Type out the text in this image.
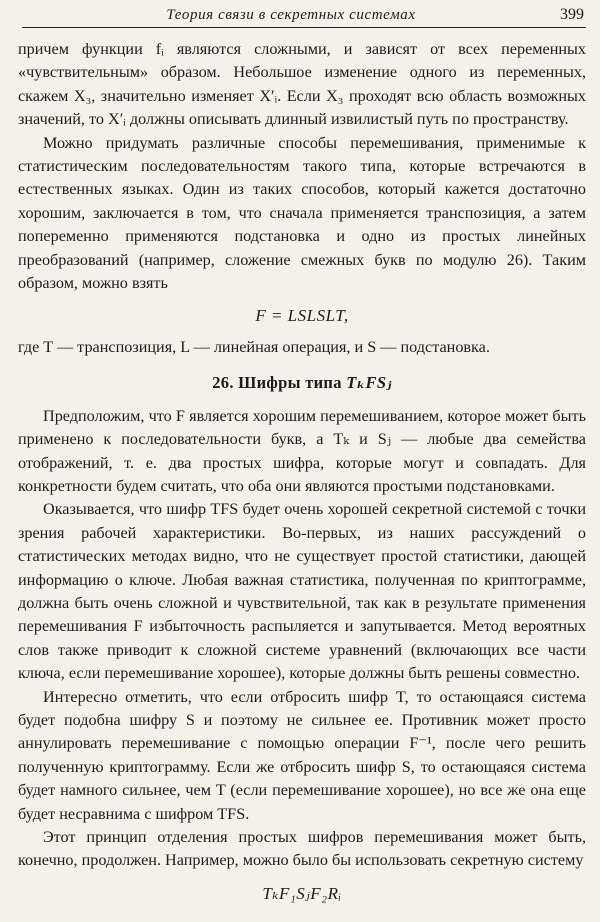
Теория связи в секретных системах	399

причем функции fᵢ являются сложными, и зависят от всех переменных «чувствительным» образом. Небольшое изменение одного из переменных, скажем X₃, значительно изменяет X′ᵢ. Если X₃ проходят всю область возможных значений, то X′ᵢ должны описывать длинный извилистый путь по пространству.

Можно придумать различные способы перемешивания, применимые к статистическим последовательностям такого типа, которые встречаются в естественных языках. Один из таких способов, который кажется достаточно хорошим, заключается в том, что сначала применяется транспозиция, а затем попеременно применяются подстановка и одно из простых линейных преобразований (например, сложение смежных букв по модулю 26). Таким образом, можно взять

F = LSLSLT,

где T — транспозиция, L — линейная операция, и S — подстановка.

26. Шифры типа TₖFSⱼ

Предположим, что F является хорошим перемешиванием, которое может быть применено к последовательности букв, а Tₖ и Sⱼ — любые два семейства отображений, т. е. два простых шифра, которые могут и совпадать. Для конкретности будем считать, что оба они являются простыми подстановками.

Оказывается, что шифр TFS будет очень хорошей секретной системой с точки зрения рабочей характеристики. Во-первых, из наших рассуждений о статистических методах видно, что не существует простой статистики, дающей информацию о ключе. Любая важная статистика, полученная по криптограмме, должна быть очень сложной и чувствительной, так как в результате применения перемешивания F избыточность распыляется и запутывается. Метод вероятных слов также приводит к сложной системе уравнений (включающих все части ключа, если перемешивание хорошее), которые должны быть решены совместно.

Интересно отметить, что если отбросить шифр T, то остающаяся система будет подобна шифру S и поэтому не сильнее ее. Противник может просто аннулировать перемешивание с помощью операции F⁻¹, после чего решить полученную криптограмму. Если же отбросить шифр S, то остающаяся система будет намного сильнее, чем T (если перемешивание хорошее), но все же она еще будет несравнима с шифром TFS.

Этот принцип отделения простых шифров перемешивания может быть, конечно, продолжен. Например, можно было бы использовать секретную систему

TₖF₁SⱼF₂Rᵢ
